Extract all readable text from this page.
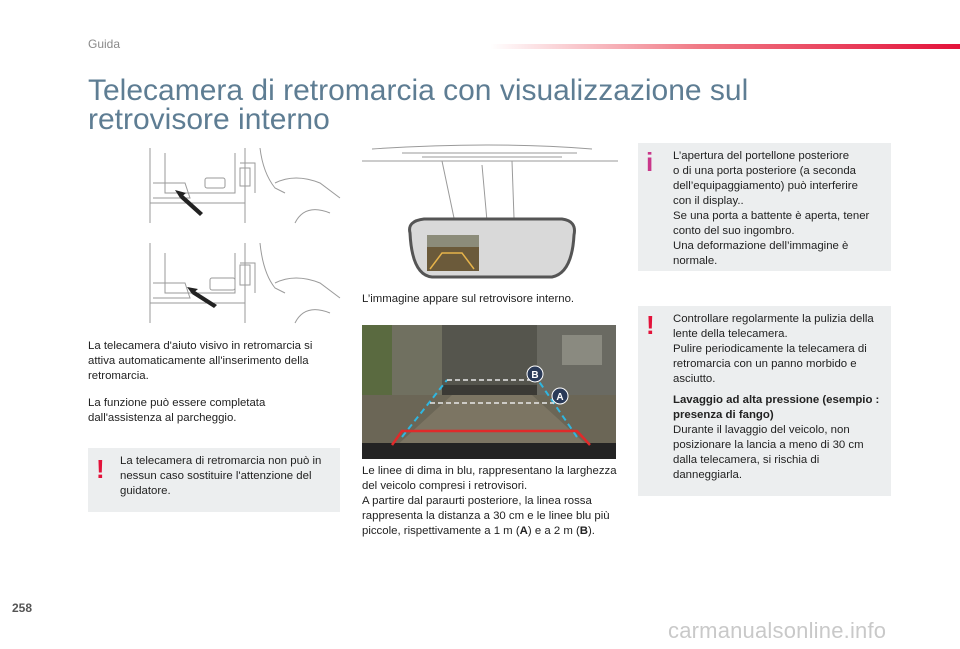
Guida
Telecamera di retromarcia con visualizzazione sul retrovisore interno
L’immagine appare sul retrovisore interno.
B
A

Le linee di dima in blu, rappresentano la larghezza del veicolo compresi i retrovisori.

A partire dal paraurti posteriore, la linea rossa rappresenta la distanza a 30 cm e le linee blu più piccole, rispettivamente a 1 m (A) e a 2 m (B).

La telecamera d'aiuto visivo in retromarcia si attiva automaticamente all'inserimento della retromarcia.
La funzione può essere completata dall'assistenza al parcheggio.
! La telecamera di retromarcia non può in nessun caso sostituire l'attenzione del guidatore.
i L’apertura del portellone posteriore

o di una porta posteriore (a seconda

dell’equipaggiamento) può interferire

con il display..

Se una porta a battente è aperta, tener

conto del suo ingombro.

Una deformazione dell’immagine è

normale.

! Controllare regolarmente la pulizia della lente della telecamera.

Pulire periodicamente la telecamera di retromarcia con un panno morbido e asciutto.

Lavaggio ad alta pressione (esempio : presenza di fango)

Durante il lavaggio del veicolo, non posizionare la lancia a meno di 30 cm dalla telecamera, si rischia di danneggiarla.

258
carmanualsonline.info
